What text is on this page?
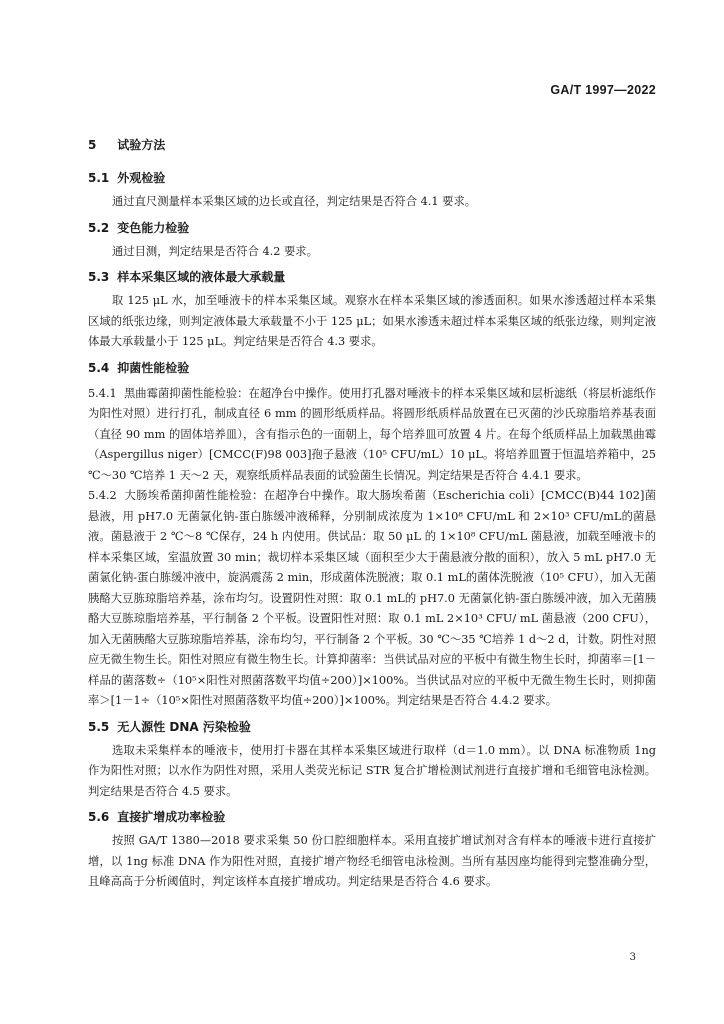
GA/T 1997—2022
5 试验方法
5.1 外观检验

通过直尺测量样本采集区域的边长或直径，判定结果是否符合 4.1 要求。

5.2 变色能力检验

通过目测，判定结果是否符合 4.2 要求。

5.3 样本采集区域的液体最大承载量

取 125 μL 水，加至唾液卡的样本采集区域。观察水在样本采集区域的渗透面积。如果水渗透超过样本采集区域的纸张边缘，则判定液体最大承载量不小于 125 μL；如果水渗透未超过样本采集区域的纸张边缘，则判定液体最大承载量小于 125 μL。判定结果是否符合 4.3 要求。

5.4 抑菌性能检验

5.4.1 黑曲霉菌抑菌性能检验：在超净台中操作。使用打孔器对唾液卡的样本采集区域和层析滤纸（将层析滤纸作为阳性对照）进行打孔，制成直径 6 mm 的圆形纸质样品。将圆形纸质样品放置在已灭菌的沙氏琼脂培养基表面（直径 90 mm 的固体培养皿），含有指示色的一面朝上，每个培养皿可放置 4 片。在每个纸质样品上加载黑曲霉（Aspergillus niger）[CMCC(F)98 003]孢子悬液（10⁵ CFU/mL）10 μL。将培养皿置于恒温培养箱中，25 ℃～30 ℃培养 1 天～2 天，观察纸质样品表面的试验菌生长情况。判定结果是否符合 4.4.1 要求。

5.4.2 大肠埃希菌抑菌性能检验：在超净台中操作。取大肠埃希菌（Escherichia coli）[CMCC(B)44 102]菌悬液，用 pH7.0 无菌氯化钠-蛋白胨缓冲液稀释，分别制成浓度为 1×10⁸ CFU/mL 和 2×10³ CFU/mL的菌悬液。菌悬液于 2 ℃～8 ℃保存，24 h 内使用。供试品：取 50 μL 的 1×10⁸ CFU/mL 菌悬液，加载至唾液卡的样本采集区域，室温放置 30 min；裁切样本采集区域（面积至少大于菌悬液分散的面积），放入 5 mL pH7.0 无菌氯化钠-蛋白胨缓冲液中，旋涡震荡 2 min，形成菌体洗脱液；取 0.1 mL的菌体洗脱液（10⁵ CFU），加入无菌胰酪大豆胨琼脂培养基，涂布均匀。设置阴性对照：取 0.1 mL的 pH7.0 无菌氯化钠-蛋白胨缓冲液，加入无菌胰酪大豆胨琼脂培养基，平行制备 2 个平板。设置阳性对照：取 0.1 mL 2×10³ CFU/ mL 菌悬液（200 CFU），加入无菌胰酪大豆胨琼脂培养基，涂布均匀，平行制备 2 个平板。30 ℃～35 ℃培养 1 d～2 d，计数。阴性对照应无微生物生长。阳性对照应有微生物生长。计算抑菌率：当供试品对应的平板中有微生物生长时，抑菌率＝[1－样品的菌落数÷（10⁵×阳性对照菌落数平均值÷200）]×100%。当供试品对应的平板中无微生物生长时，则抑菌率＞[1－1÷（10⁵×阳性对照菌落数平均值÷200）]×100%。判定结果是否符合 4.4.2 要求。

5.5 无人源性 DNA 污染检验

选取未采集样本的唾液卡，使用打卡器在其样本采集区域进行取样（d＝1.0 mm）。以 DNA 标准物质 1ng 作为阳性对照；以水作为阴性对照，采用人类荧光标记 STR 复合扩增检测试剂进行直接扩增和毛细管电泳检测。判定结果是否符合 4.5 要求。

5.6 直接扩增成功率检验

按照 GA/T 1380—2018 要求采集 50 份口腔细胞样本。采用直接扩增试剂对含有样本的唾液卡进行直接扩增，以 1ng 标准 DNA 作为阳性对照，直接扩增产物经毛细管电泳检测。当所有基因座均能得到完整准确分型，且峰高高于分析阈值时，判定该样本直接扩增成功。判定结果是否符合 4.6 要求。

3
